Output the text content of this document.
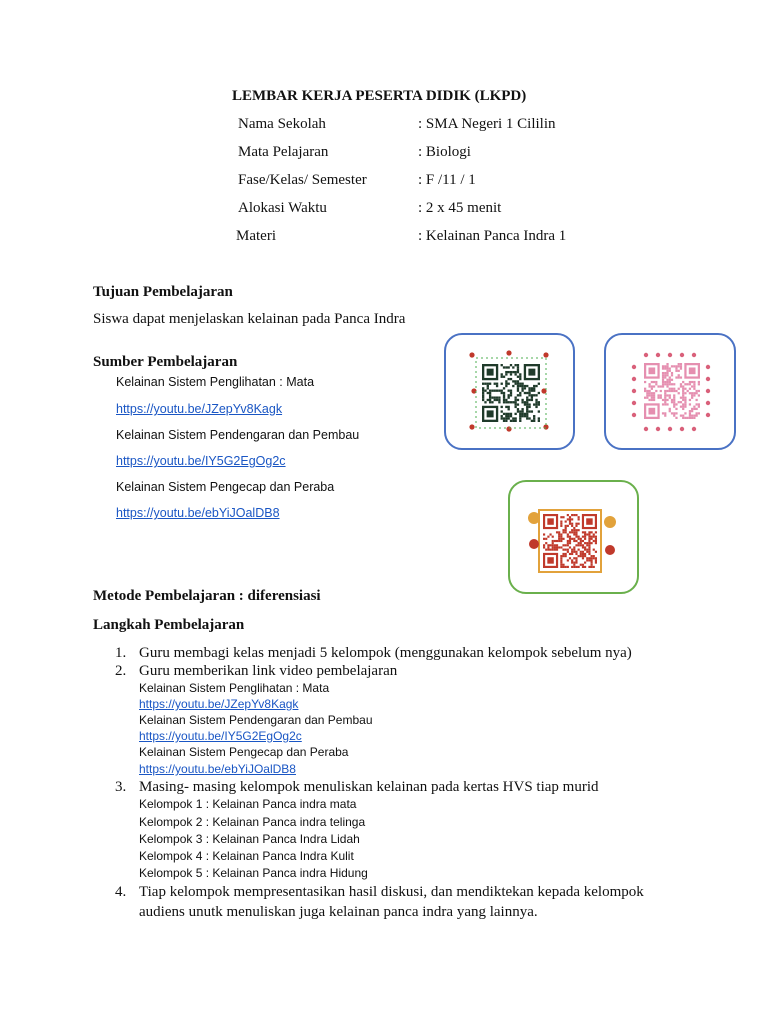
LEMBAR KERJA PESERTA DIDIK (LKPD)
Nama Sekolah	: SMA Negeri 1 Cililin
Mata Pelajaran	: Biologi
Fase/Kelas/ Semester	: F /11 / 1
Alokasi Waktu	: 2 x 45 menit
Materi	: Kelainan Panca Indra 1
Tujuan Pembelajaran
Siswa dapat menjelaskan kelainan pada Panca Indra
Sumber Pembelajaran
Kelainan Sistem Penglihatan : Mata
https://youtu.be/JZepYv8Kagk
Kelainan Sistem Pendengaran dan Pembau
https://youtu.be/IY5G2EgOg2c
Kelainan Sistem Pengecap dan Peraba
https://youtu.be/ebYiJOalDB8
Metode Pembelajaran : diferensiasi
Langkah Pembelajaran
1. Guru membagi kelas menjadi 5 kelompok (menggunakan kelompok sebelum nya)
2. Guru memberikan link video pembelajaran
Kelainan Sistem Penglihatan : Mata
https://youtu.be/JZepYv8Kagk
Kelainan Sistem Pendengaran dan Pembau
https://youtu.be/IY5G2EgOg2c
Kelainan Sistem Pengecap dan Peraba
https://youtu.be/ebYiJOalDB8
3. Masing- masing kelompok menuliskan kelainan pada kertas HVS tiap murid
Kelompok 1 : Kelainan Panca indra mata
Kelompok 2 : Kelainan Panca indra telinga
Kelompok 3 : Kelainan Panca Indra Lidah
Kelompok 4 : Kelainan Panca Indra Kulit
Kelompok 5 : Kelainan Panca indra Hidung
4. Tiap kelompok mempresentasikan hasil diskusi, dan mendiktekan kepada kelompok
audiens unutk menuliskan juga kelainan panca indra yang lainnya.
